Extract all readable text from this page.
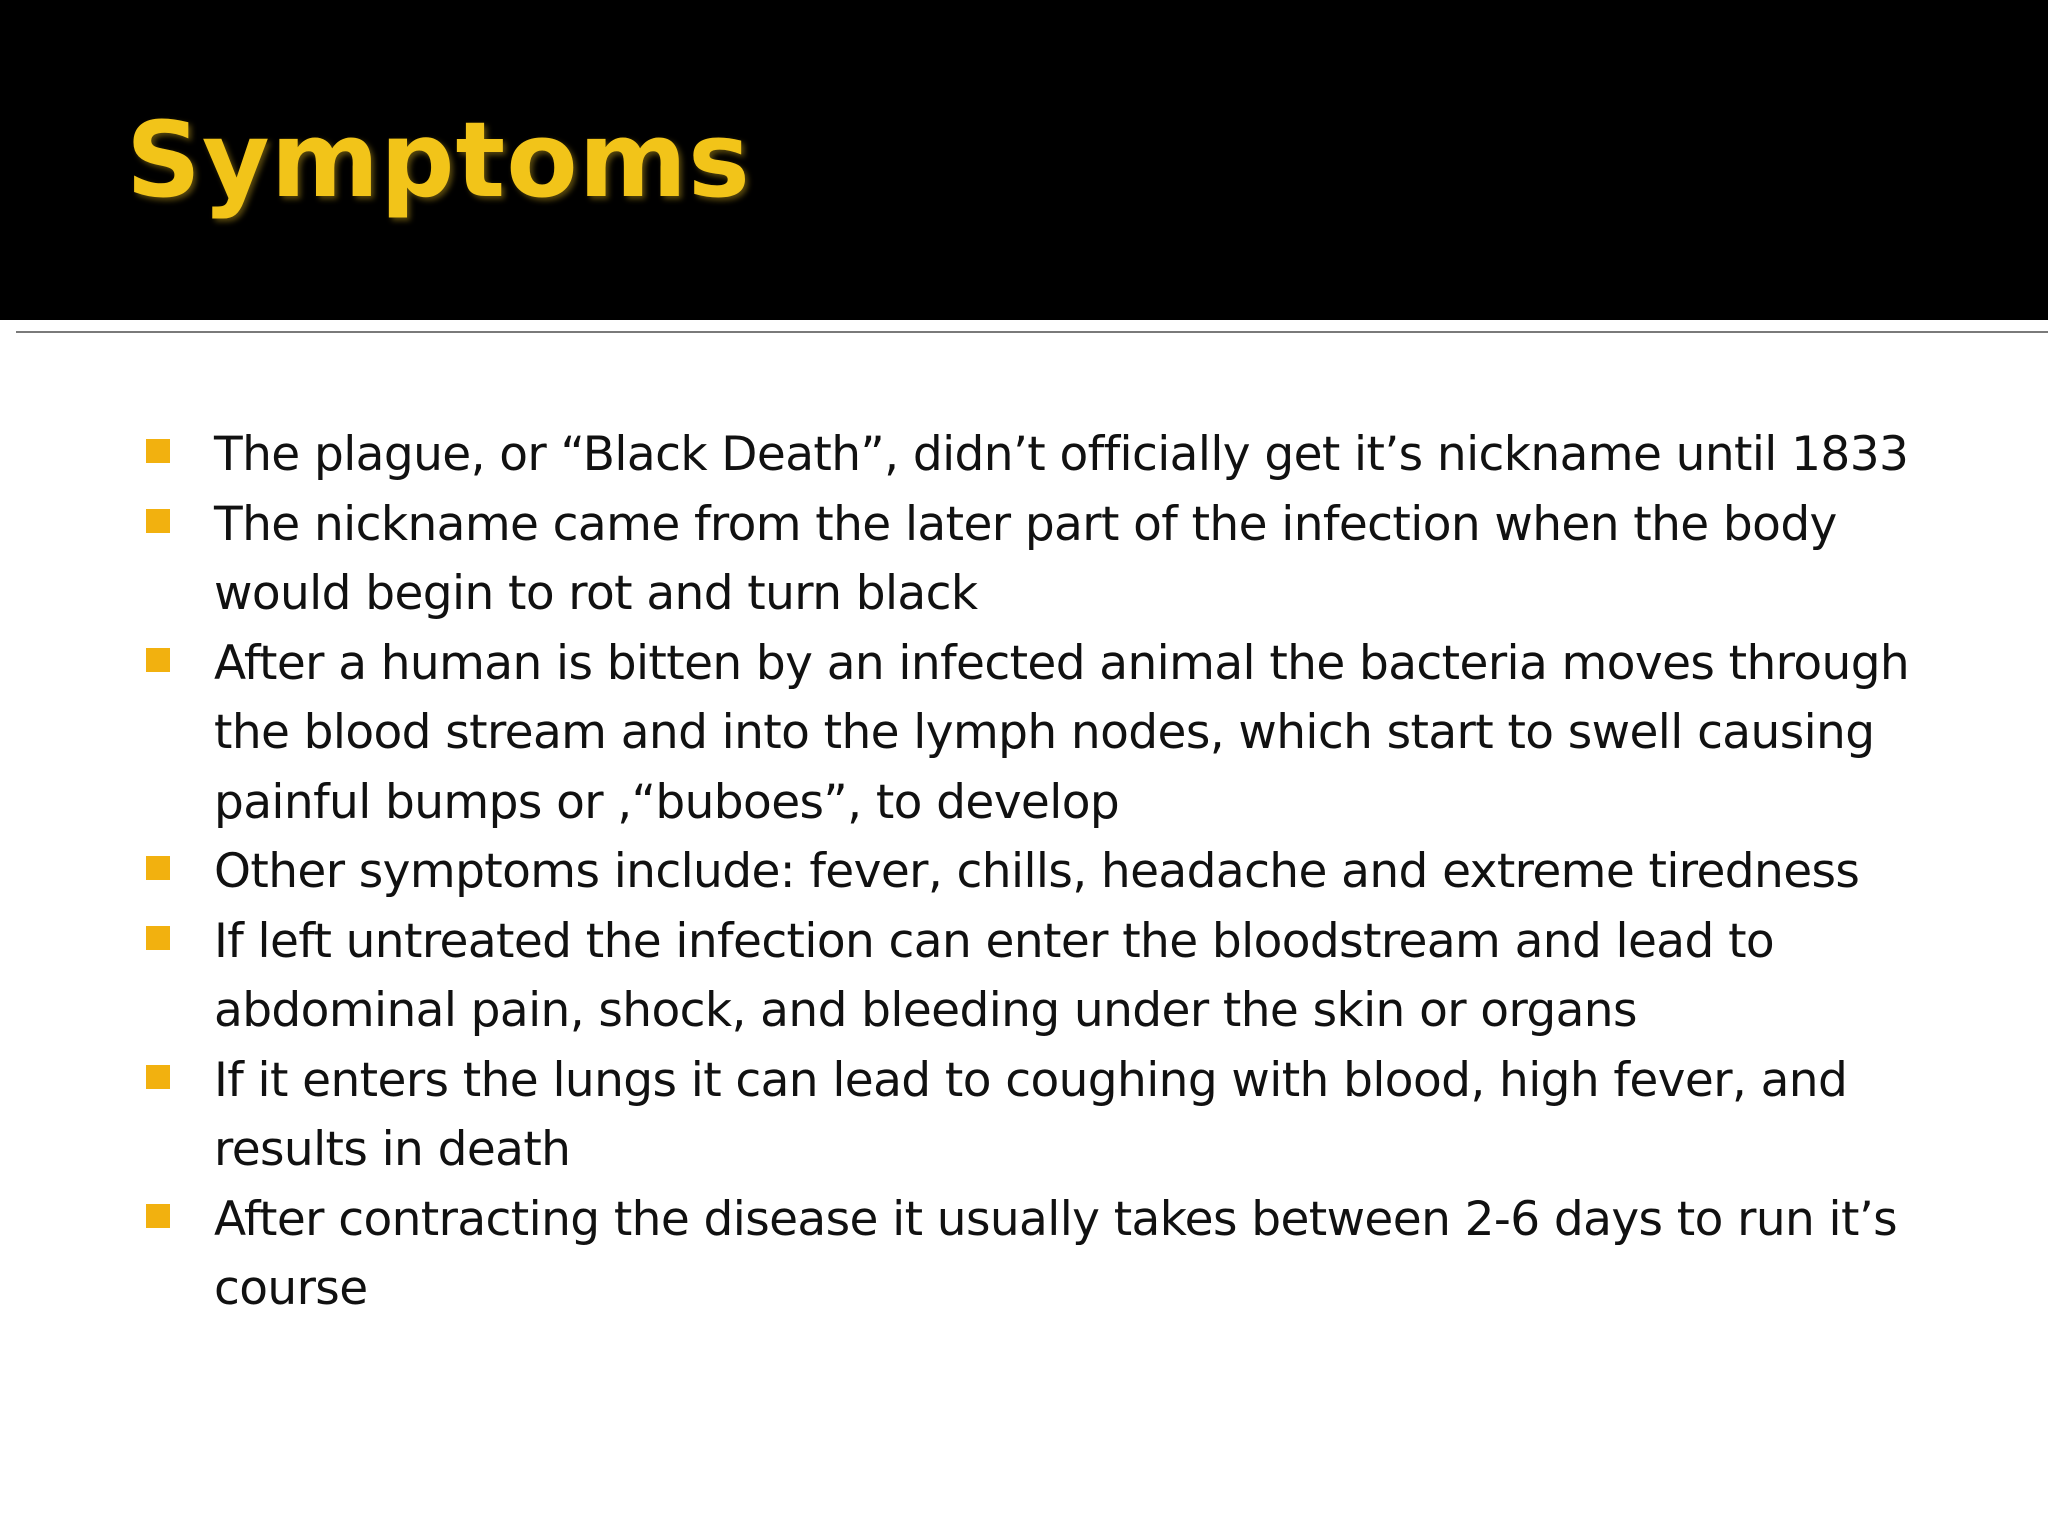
Symptoms
The plague, or “Black Death”, didn’t officially get it’s nickname until 1833
The nickname came from the later part of the infection when the body would begin to rot and turn black
After a human is bitten by an infected animal the bacteria moves through the blood stream and into the lymph nodes, which start to swell causing painful bumps or ,“buboes”, to develop
Other symptoms include: fever, chills, headache and extreme tiredness
If left untreated the infection can enter the bloodstream and lead to abdominal pain, shock, and bleeding under the skin or organs
If it enters the lungs it can lead to coughing with blood, high fever, and results in death
After contracting the disease it usually takes between 2-6 days to run it’s course
